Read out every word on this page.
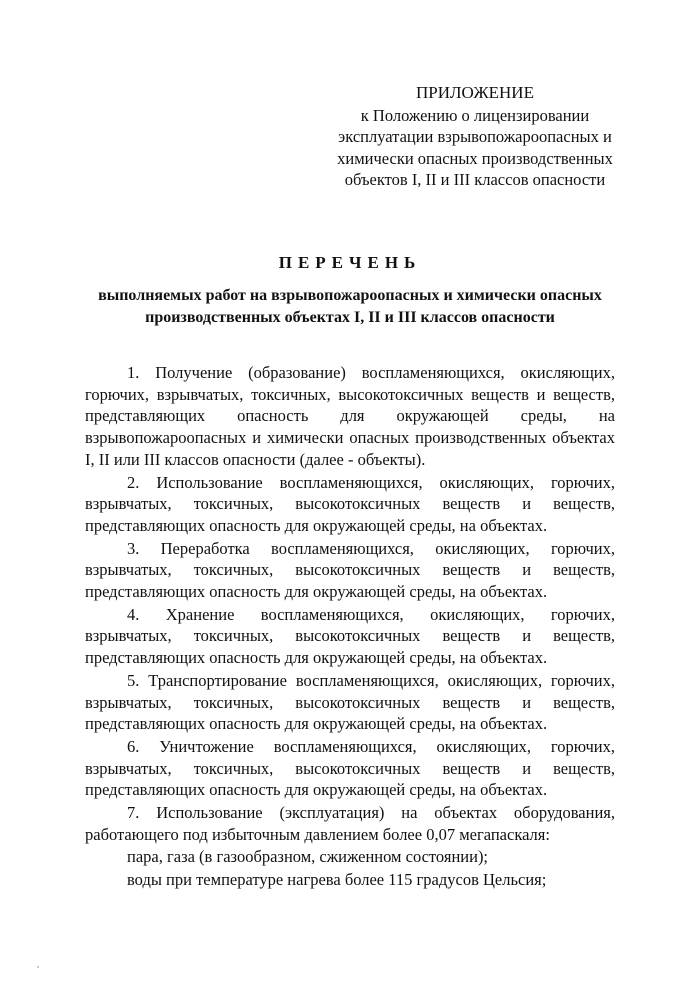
ПРИЛОЖЕНИЕ
к Положению о лицензировании
эксплуатации взрывопожароопасных и
химически опасных производственных
объектов I, II и III классов опасности
ПЕРЕЧЕНЬ
выполняемых работ на взрывопожароопасных и химически опасных
производственных объектах I, II и III классов опасности

1. Получение (образование) воспламеняющихся, окисляющих, горючих, взрывчатых, токсичных, высокотоксичных веществ и веществ, представляющих опасность для окружающей среды, на взрывопожароопасных и химически опасных производственных объектах I, II или III классов опасности (далее - объекты).

2. Использование воспламеняющихся, окисляющих, горючих, взрывчатых, токсичных, высокотоксичных веществ и веществ, представляющих опасность для окружающей среды, на объектах.

3. Переработка воспламеняющихся, окисляющих, горючих, взрывчатых, токсичных, высокотоксичных веществ и веществ, представляющих опасность для окружающей среды, на объектах.

4. Хранение воспламеняющихся, окисляющих, горючих, взрывчатых, токсичных, высокотоксичных веществ и веществ, представляющих опасность для окружающей среды, на объектах.

5. Транспортирование воспламеняющихся, окисляющих, горючих, взрывчатых, токсичных, высокотоксичных веществ и веществ, представляющих опасность для окружающей среды, на объектах.

6. Уничтожение воспламеняющихся, окисляющих, горючих, взрывчатых, токсичных, высокотоксичных веществ и веществ, представляющих опасность для окружающей среды, на объектах.

7. Использование (эксплуатация) на объектах оборудования, работающего под избыточным давлением более 0,07 мегапаскаля:

пара, газа (в газообразном, сжиженном состоянии);

воды при температуре нагрева более 115 градусов Цельсия;
